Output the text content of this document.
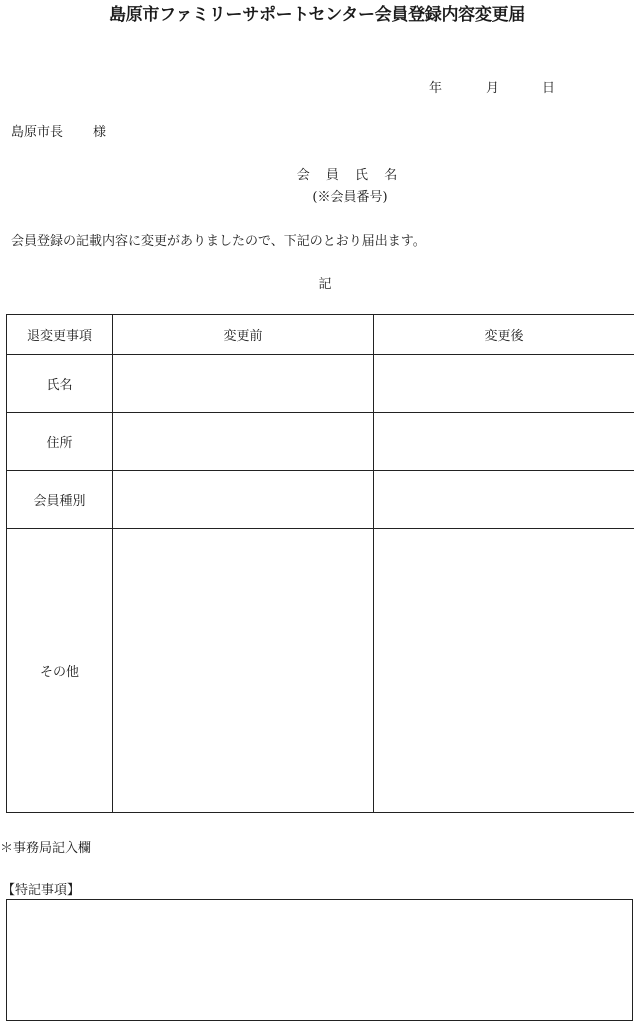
島原市ファミリーサポートセンター会員登録内容変更届
年	月	日
島原市長 様
会 員 氏 名
(※会員番号)
会員登録の記載内容に変更がありましたので、下記のとおり届出ます。
記
退変更事項	変更前	変更後
氏名		
住所		
会員種別		
その他		
＊事務局記入欄
【特記事項】
